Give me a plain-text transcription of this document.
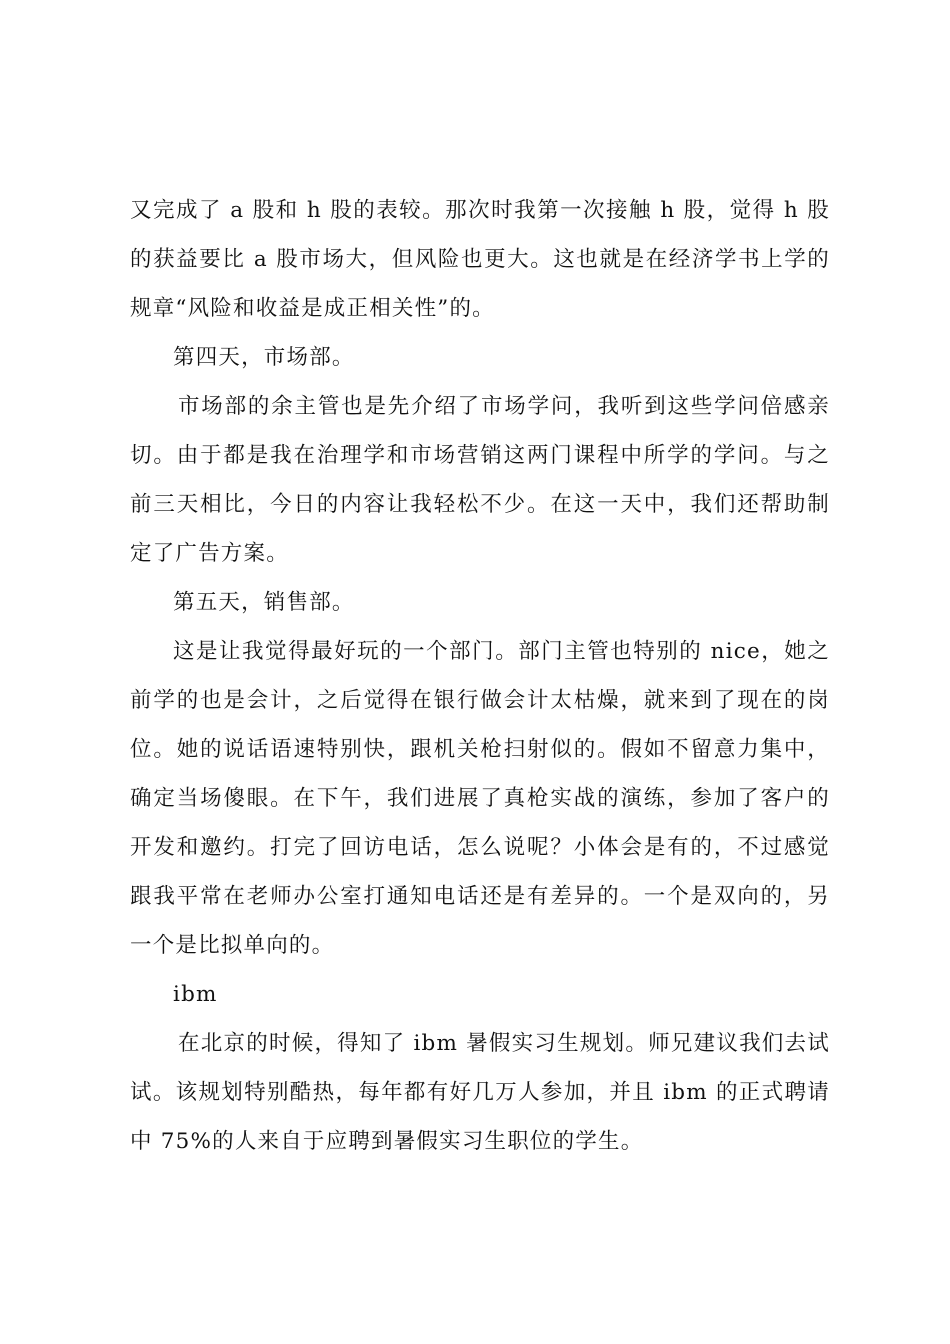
又完成了 a 股和 h 股的表较。那次时我第一次接触 h 股，觉得 h 股的获益要比 a 股市场大，但风险也更大。这也就是在经济学书上学的规章“风险和收益是成正相关性”的。

第四天，市场部。

市场部的余主管也是先介绍了市场学问，我听到这些学问倍感亲切。由于都是我在治理学和市场营销这两门课程中所学的学问。与之前三天相比，今日的内容让我轻松不少。在这一天中，我们还帮助制定了广告方案。

第五天，销售部。

这是让我觉得最好玩的一个部门。部门主管也特别的 nice，她之前学的也是会计，之后觉得在银行做会计太枯燥，就来到了现在的岗位。她的说话语速特别快，跟机关枪扫射似的。假如不留意力集中，确定当场傻眼。在下午，我们进展了真枪实战的演练，参加了客户的开发和邀约。打完了回访电话，怎么说呢？小体会是有的，不过感觉跟我平常在老师办公室打通知电话还是有差异的。一个是双向的，另一个是比拟单向的。

ibm

在北京的时候，得知了 ibm 暑假实习生规划。师兄建议我们去试试。该规划特别酷热，每年都有好几万人参加，并且 ibm 的正式聘请中 75%的人来自于应聘到暑假实习生职位的学生。
